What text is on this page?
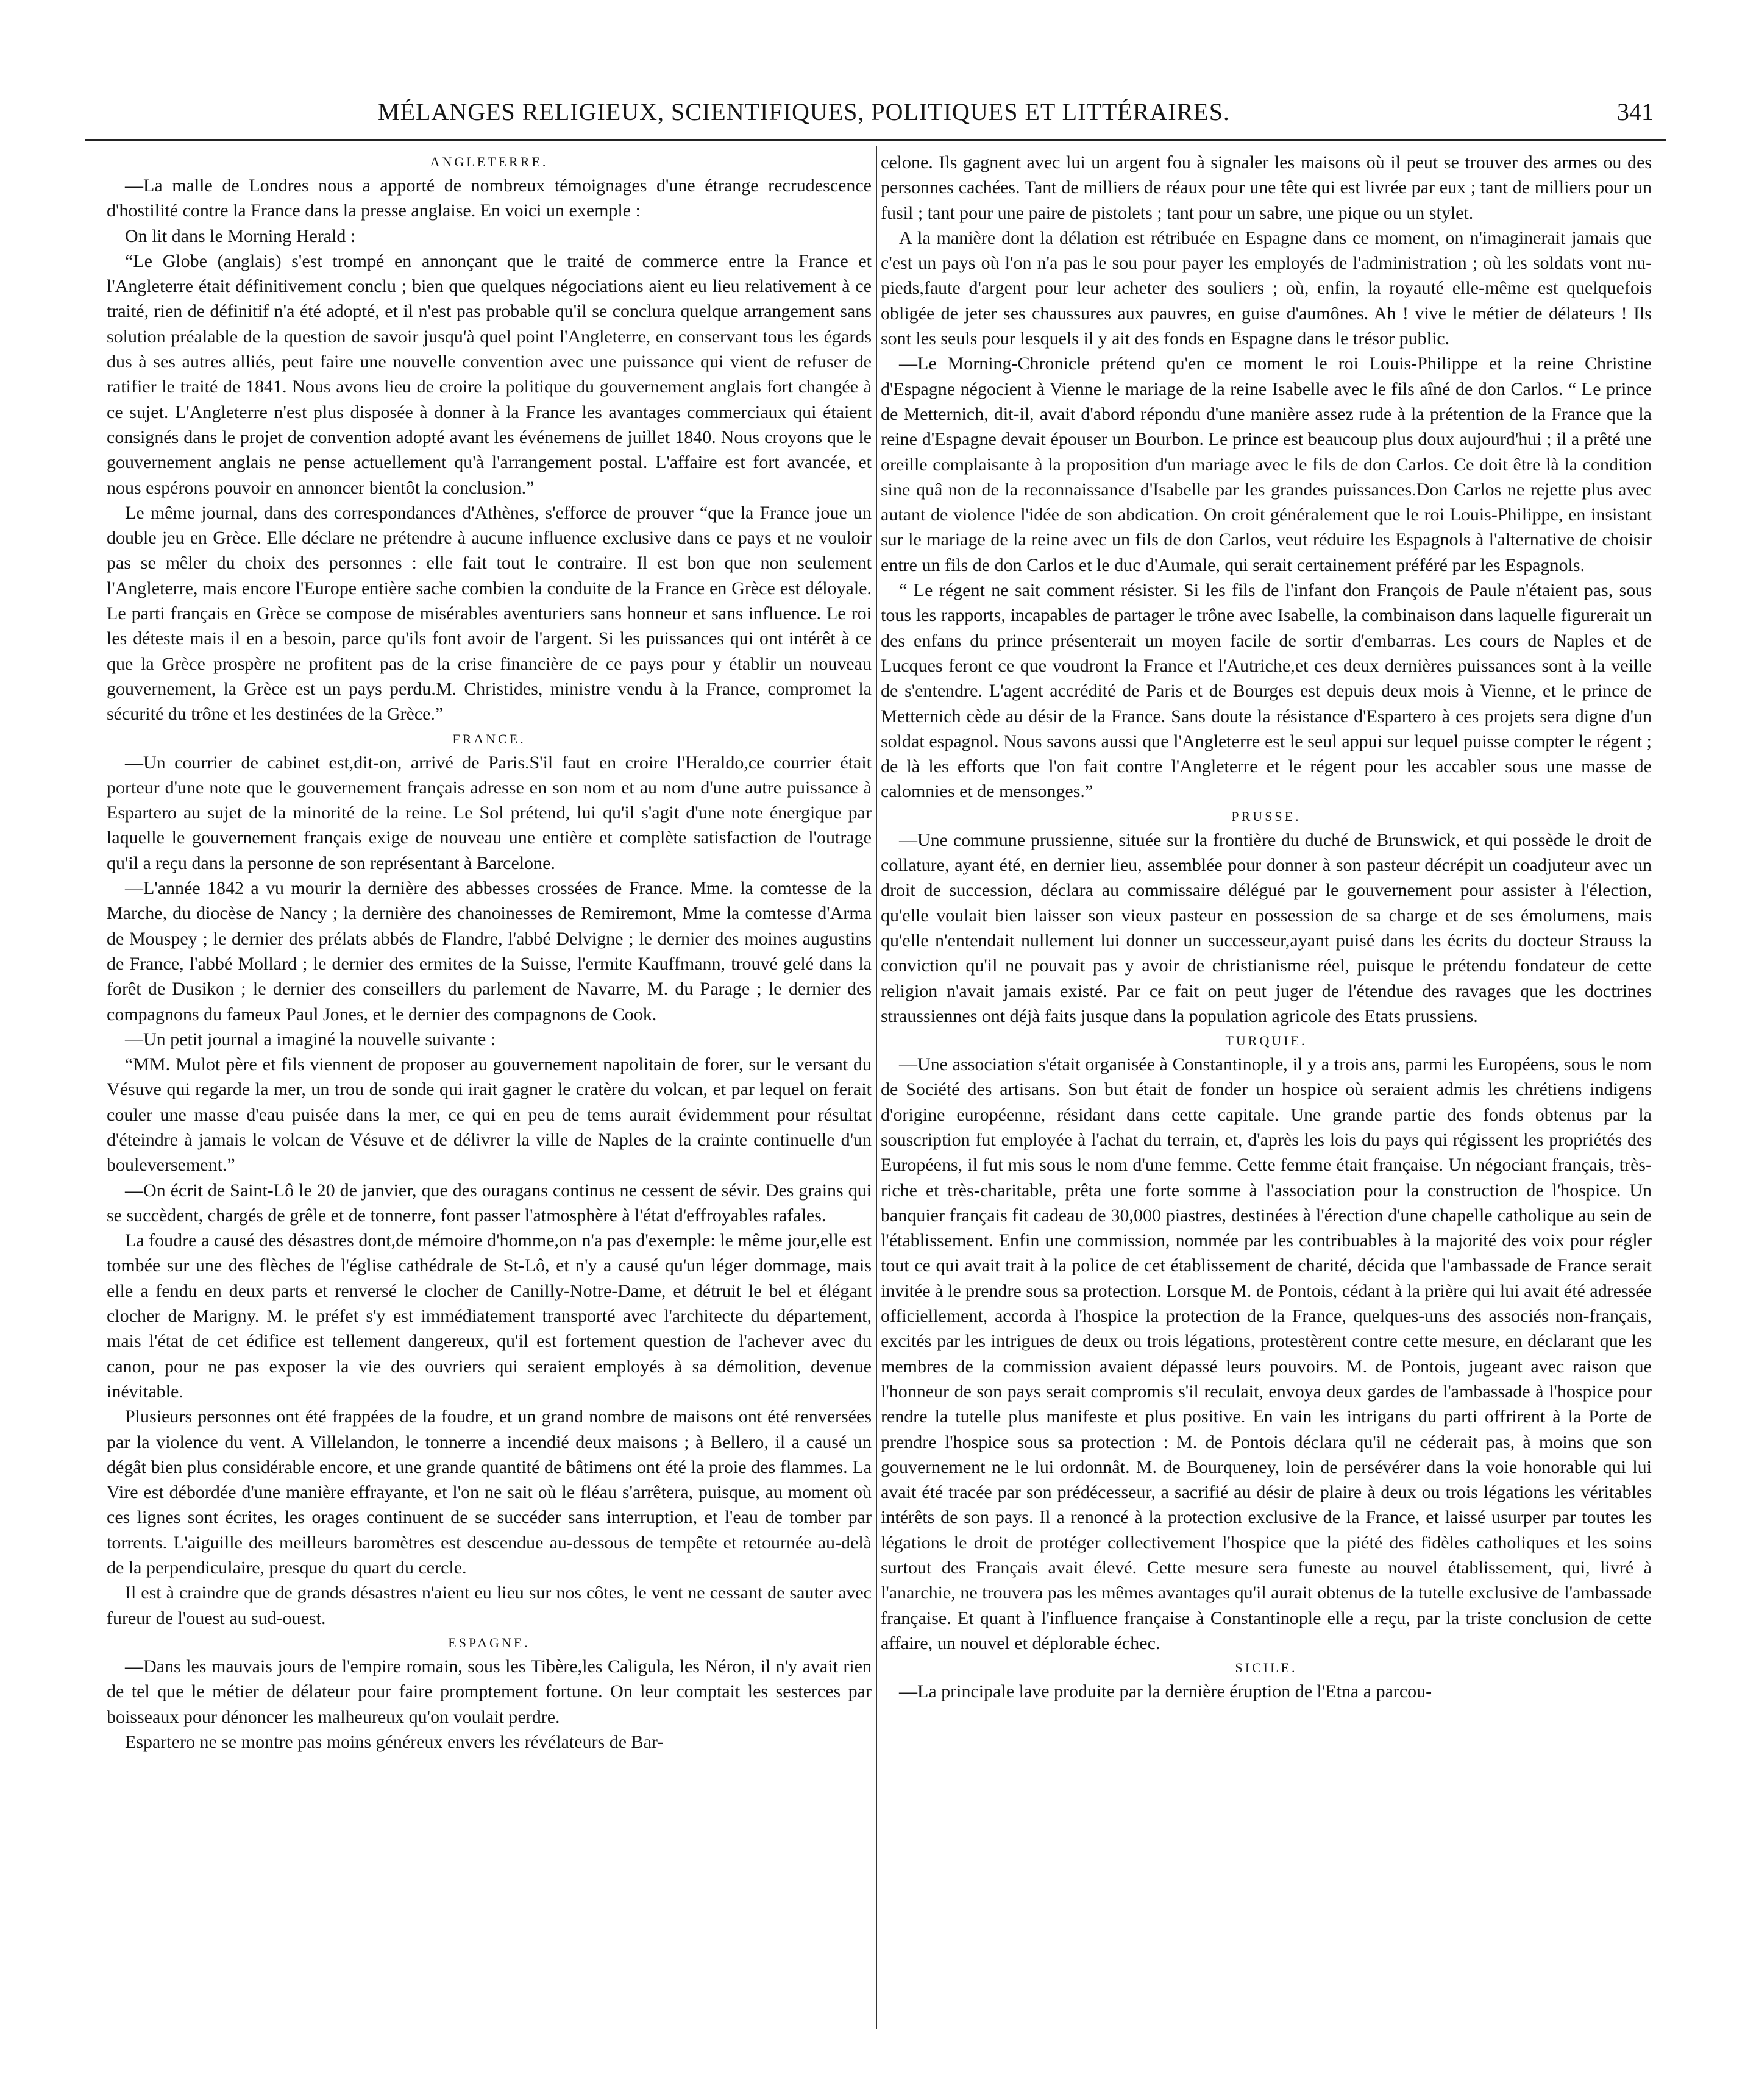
MÉLANGES RELIGIEUX, SCIENTIFIQUES, POLITIQUES ET LITTÉRAIRES.	341
ANGLETERRE.

—La malle de Londres nous a apporté de nombreux témoignages d'une étrange recrudescence d'hostilité contre la France dans la presse anglaise. En voici un exemple :

On lit dans le Morning Herald :

“Le Globe (anglais) s'est trompé en annonçant que le traité de commerce entre la France et l'Angleterre était définitivement conclu ; bien que quelques négociations aient eu lieu relativement à ce traité, rien de définitif n'a été adopté, et il n'est pas probable qu'il se conclura quelque arrangement sans solution préalable de la question de savoir jusqu'à quel point l'Angleterre, en conservant tous les égards dus à ses autres alliés, peut faire une nouvelle convention avec une puissance qui vient de refuser de ratifier le traité de 1841. Nous avons lieu de croire la politique du gouvernement anglais fort changée à ce sujet. L'Angleterre n'est plus disposée à donner à la France les avantages commerciaux qui étaient consignés dans le projet de convention adopté avant les événemens de juillet 1840. Nous croyons que le gouvernement anglais ne pense actuellement qu'à l'arrangement postal. L'affaire est fort avancée, et nous espérons pouvoir en annoncer bientôt la conclusion.”

Le même journal, dans des correspondances d'Athènes, s'efforce de prouver “que la France joue un double jeu en Grèce. Elle déclare ne prétendre à aucune influence exclusive dans ce pays et ne vouloir pas se mêler du choix des personnes : elle fait tout le contraire. Il est bon que non seulement l'Angleterre, mais encore l'Europe entière sache combien la conduite de la France en Grèce est déloyale. Le parti français en Grèce se compose de misérables aventuriers sans honneur et sans influence. Le roi les déteste mais il en a besoin, parce qu'ils font avoir de l'argent. Si les puissances qui ont intérêt à ce que la Grèce prospère ne profitent pas de la crise financière de ce pays pour y établir un nouveau gouvernement, la Grèce est un pays perdu.M. Christides, ministre vendu à la France, compromet la sécurité du trône et les destinées de la Grèce.”

FRANCE.

—Un courrier de cabinet est,dit-on, arrivé de Paris.S'il faut en croire l'Heraldo,ce courrier était porteur d'une note que le gouvernement français adresse en son nom et au nom d'une autre puissance à Espartero au sujet de la minorité de la reine. Le Sol prétend, lui qu'il s'agit d'une note énergique par laquelle le gouvernement français exige de nouveau une entière et complète satisfaction de l'outrage qu'il a reçu dans la personne de son représentant à Barcelone.

—L'année 1842 a vu mourir la dernière des abbesses crossées de France. Mme. la comtesse de la Marche, du diocèse de Nancy ; la dernière des chanoinesses de Remiremont, Mme la comtesse d'Arma de Mouspey ; le dernier des prélats abbés de Flandre, l'abbé Delvigne ; le dernier des moines augustins de France, l'abbé Mollard ; le dernier des ermites de la Suisse, l'ermite Kauffmann, trouvé gelé dans la forêt de Dusikon ; le dernier des conseillers du parlement de Navarre, M. du Parage ; le dernier des compagnons du fameux Paul Jones, et le dernier des compagnons de Cook.

—Un petit journal a imaginé la nouvelle suivante :

“MM. Mulot père et fils viennent de proposer au gouvernement napolitain de forer, sur le versant du Vésuve qui regarde la mer, un trou de sonde qui irait gagner le cratère du volcan, et par lequel on ferait couler une masse d'eau puisée dans la mer, ce qui en peu de tems aurait évidemment pour résultat d'éteindre à jamais le volcan de Vésuve et de délivrer la ville de Naples de la crainte continuelle d'un bouleversement.”

—On écrit de Saint-Lô le 20 de janvier, que des ouragans continus ne cessent de sévir. Des grains qui se succèdent, chargés de grêle et de tonnerre, font passer l'atmosphère à l'état d'effroyables rafales.

La foudre a causé des désastres dont,de mémoire d'homme,on n'a pas d'exemple: le même jour,elle est tombée sur une des flèches de l'église cathédrale de St-Lô, et n'y a causé qu'un léger dommage, mais elle a fendu en deux parts et renversé le clocher de Canilly-Notre-Dame, et détruit le bel et élégant clocher de Marigny. M. le préfet s'y est immédiatement transporté avec l'architecte du département, mais l'état de cet édifice est tellement dangereux, qu'il est fortement question de l'achever avec du canon, pour ne pas exposer la vie des ouvriers qui seraient employés à sa démolition, devenue inévitable.

Plusieurs personnes ont été frappées de la foudre, et un grand nombre de maisons ont été renversées par la violence du vent. A Villelandon, le tonnerre a incendié deux maisons ; à Bellero, il a causé un dégât bien plus considérable encore, et une grande quantité de bâtimens ont été la proie des flammes. La Vire est débordée d'une manière effrayante, et l'on ne sait où le fléau s'arrêtera, puisque, au moment où ces lignes sont écrites, les orages continuent de se succéder sans interruption, et l'eau de tomber par torrents. L'aiguille des meilleurs baromètres est descendue au-dessous de tempête et retournée au-delà de la perpendiculaire, presque du quart du cercle.

Il est à craindre que de grands désastres n'aient eu lieu sur nos côtes, le vent ne cessant de sauter avec fureur de l'ouest au sud-ouest.

ESPAGNE.

—Dans les mauvais jours de l'empire romain, sous les Tibère,les Caligula, les Néron, il n'y avait rien de tel que le métier de délateur pour faire promptement fortune. On leur comptait les sesterces par boisseaux pour dénoncer les malheureux qu'on voulait perdre.

Espartero ne se montre pas moins généreux envers les révélateurs de Bar-

celone. Ils gagnent avec lui un argent fou à signaler les maisons où il peut se trouver des armes ou des personnes cachées. Tant de milliers de réaux pour une tête qui est livrée par eux ; tant de milliers pour un fusil ; tant pour une paire de pistolets ; tant pour un sabre, une pique ou un stylet.

A la manière dont la délation est rétribuée en Espagne dans ce moment, on n'imaginerait jamais que c'est un pays où l'on n'a pas le sou pour payer les employés de l'administration ; où les soldats vont nu-pieds,faute d'argent pour leur acheter des souliers ; où, enfin, la royauté elle-même est quelquefois obligée de jeter ses chaussures aux pauvres, en guise d'aumônes. Ah ! vive le métier de délateurs ! Ils sont les seuls pour lesquels il y ait des fonds en Espagne dans le trésor public.

—Le Morning-Chronicle prétend qu'en ce moment le roi Louis-Philippe et la reine Christine d'Espagne négocient à Vienne le mariage de la reine Isabelle avec le fils aîné de don Carlos. “ Le prince de Metternich, dit-il, avait d'abord répondu d'une manière assez rude à la prétention de la France que la reine d'Espagne devait épouser un Bourbon. Le prince est beaucoup plus doux aujourd'hui ; il a prêté une oreille complaisante à la proposition d'un mariage avec le fils de don Carlos. Ce doit être là la condition sine quâ non de la reconnaissance d'Isabelle par les grandes puissances.Don Carlos ne rejette plus avec autant de violence l'idée de son abdication. On croit généralement que le roi Louis-Philippe, en insistant sur le mariage de la reine avec un fils de don Carlos, veut réduire les Espagnols à l'alternative de choisir entre un fils de don Carlos et le duc d'Aumale, qui serait certainement préféré par les Espagnols.

“ Le régent ne sait comment résister. Si les fils de l'infant don François de Paule n'étaient pas, sous tous les rapports, incapables de partager le trône avec Isabelle, la combinaison dans laquelle figurerait un des enfans du prince présenterait un moyen facile de sortir d'embarras. Les cours de Naples et de Lucques feront ce que voudront la France et l'Autriche,et ces deux dernières puissances sont à la veille de s'entendre. L'agent accrédité de Paris et de Bourges est depuis deux mois à Vienne, et le prince de Metternich cède au désir de la France. Sans doute la résistance d'Espartero à ces projets sera digne d'un soldat espagnol. Nous savons aussi que l'Angleterre est le seul appui sur lequel puisse compter le régent ; de là les efforts que l'on fait contre l'Angleterre et le régent pour les accabler sous une masse de calomnies et de mensonges.”

PRUSSE.

—Une commune prussienne, située sur la frontière du duché de Brunswick, et qui possède le droit de collature, ayant été, en dernier lieu, assemblée pour donner à son pasteur décrépit un coadjuteur avec un droit de succession, déclara au commissaire délégué par le gouvernement pour assister à l'élection, qu'elle voulait bien laisser son vieux pasteur en possession de sa charge et de ses émolumens, mais qu'elle n'entendait nullement lui donner un successeur,ayant puisé dans les écrits du docteur Strauss la conviction qu'il ne pouvait pas y avoir de christianisme réel, puisque le prétendu fondateur de cette religion n'avait jamais existé. Par ce fait on peut juger de l'étendue des ravages que les doctrines straussiennes ont déjà faits jusque dans la population agricole des Etats prussiens.

TURQUIE.

—Une association s'était organisée à Constantinople, il y a trois ans, parmi les Européens, sous le nom de Société des artisans. Son but était de fonder un hospice où seraient admis les chrétiens indigens d'origine européenne, résidant dans cette capitale. Une grande partie des fonds obtenus par la souscription fut employée à l'achat du terrain, et, d'après les lois du pays qui régissent les propriétés des Européens, il fut mis sous le nom d'une femme. Cette femme était française. Un négociant français, très-riche et très-charitable, prêta une forte somme à l'association pour la construction de l'hospice. Un banquier français fit cadeau de 30,000 piastres, destinées à l'érection d'une chapelle catholique au sein de l'établissement. Enfin une commission, nommée par les contribuables à la majorité des voix pour régler tout ce qui avait trait à la police de cet établissement de charité, décida que l'ambassade de France serait invitée à le prendre sous sa protection. Lorsque M. de Pontois, cédant à la prière qui lui avait été adressée officiellement, accorda à l'hospice la protection de la France, quelques-uns des associés non-français, excités par les intrigues de deux ou trois légations, protestèrent contre cette mesure, en déclarant que les membres de la commission avaient dépassé leurs pouvoirs. M. de Pontois, jugeant avec raison que l'honneur de son pays serait compromis s'il reculait, envoya deux gardes de l'ambassade à l'hospice pour rendre la tutelle plus manifeste et plus positive. En vain les intrigans du parti offrirent à la Porte de prendre l'hospice sous sa protection : M. de Pontois déclara qu'il ne céderait pas, à moins que son gouvernement ne le lui ordonnât. M. de Bourqueney, loin de persévérer dans la voie honorable qui lui avait été tracée par son prédécesseur, a sacrifié au désir de plaire à deux ou trois légations les véritables intérêts de son pays. Il a renoncé à la protection exclusive de la France, et laissé usurper par toutes les légations le droit de protéger collectivement l'hospice que la piété des fidèles catholiques et les soins surtout des Français avait élevé. Cette mesure sera funeste au nouvel établissement, qui, livré à l'anarchie, ne trouvera pas les mêmes avantages qu'il aurait obtenus de la tutelle exclusive de l'ambassade française. Et quant à l'influence française à Constantinople elle a reçu, par la triste conclusion de cette affaire, un nouvel et déplorable échec.

SICILE.

—La principale lave produite par la dernière éruption de l'Etna a parcou-
